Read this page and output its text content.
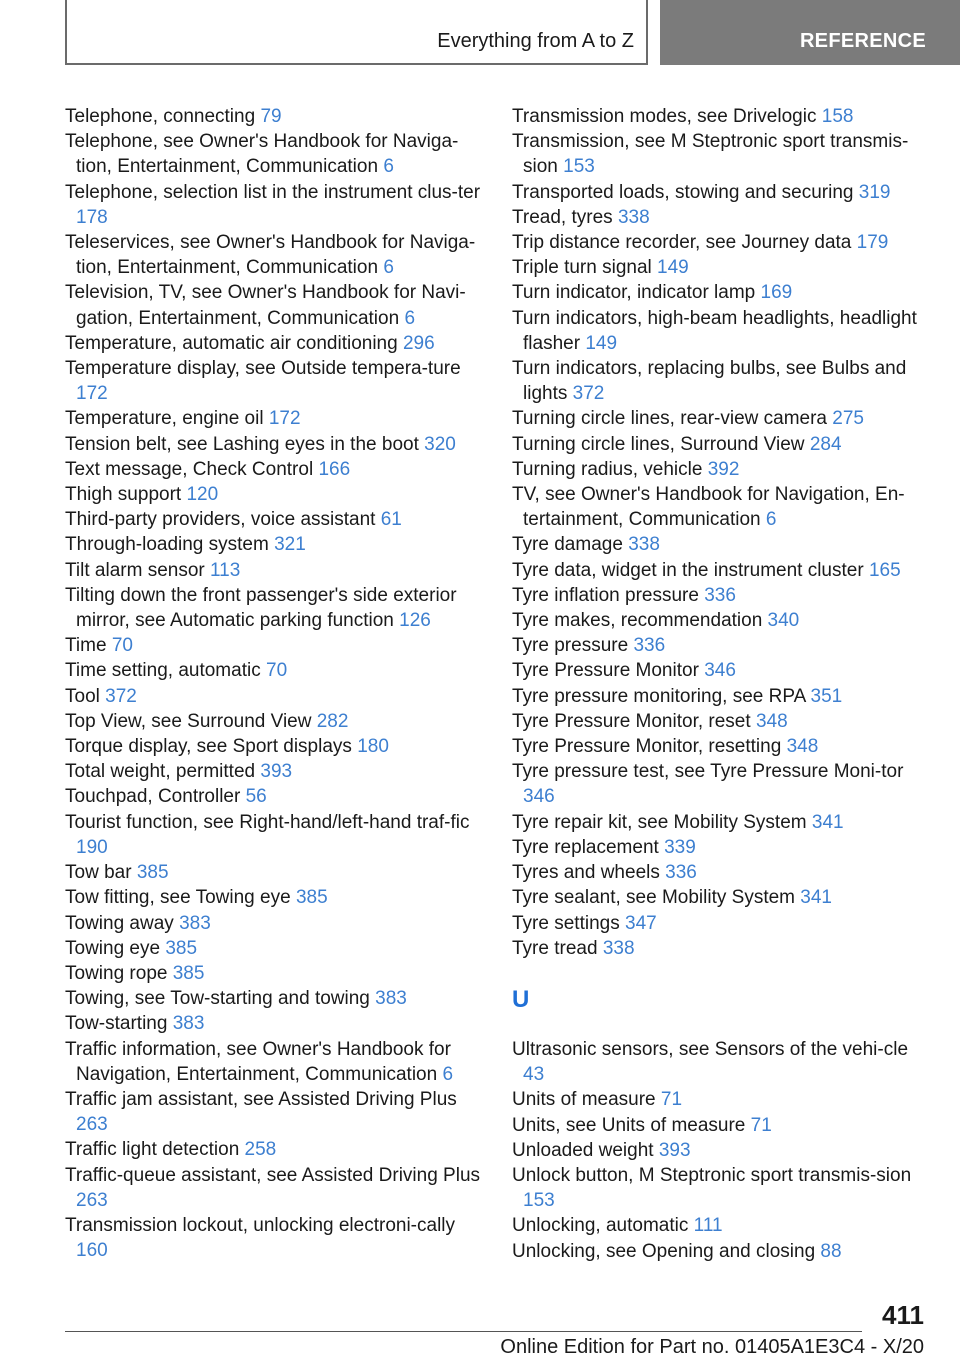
Everything from A to Z	REFERENCE
Telephone, connecting 79
Telephone, see Owner's Handbook for Naviga-tion, Entertainment, Communication 6
Telephone, selection list in the instrument clus-ter 178
Teleservices, see Owner's Handbook for Naviga-tion, Entertainment, Communication 6
Television, TV, see Owner's Handbook for Navi-gation, Entertainment, Communication 6
Temperature, automatic air conditioning 296
Temperature display, see Outside tempera-ture 172
Temperature, engine oil 172
Tension belt, see Lashing eyes in the boot 320
Text message, Check Control 166
Thigh support 120
Third-party providers, voice assistant 61
Through-loading system 321
Tilt alarm sensor 113
Tilting down the front passenger's side exterior mirror, see Automatic parking function 126
Time 70
Time setting, automatic 70
Tool 372
Top View, see Surround View 282
Torque display, see Sport displays 180
Total weight, permitted 393
Touchpad, Controller 56
Tourist function, see Right-hand/left-hand traf-fic 190
Tow bar 385
Tow fitting, see Towing eye 385
Towing away 383
Towing eye 385
Towing rope 385
Towing, see Tow-starting and towing 383
Tow-starting 383
Traffic information, see Owner's Handbook for Navigation, Entertainment, Communication 6
Traffic jam assistant, see Assisted Driving Plus 263
Traffic light detection 258
Traffic-queue assistant, see Assisted Driving Plus 263
Transmission lockout, unlocking electroni-cally 160
Transmission modes, see Drivelogic 158
Transmission, see M Steptronic sport transmis-sion 153
Transported loads, stowing and securing 319
Tread, tyres 338
Trip distance recorder, see Journey data 179
Triple turn signal 149
Turn indicator, indicator lamp 169
Turn indicators, high-beam headlights, headlight flasher 149
Turn indicators, replacing bulbs, see Bulbs and lights 372
Turning circle lines, rear-view camera 275
Turning circle lines, Surround View 284
Turning radius, vehicle 392
TV, see Owner's Handbook for Navigation, En-tertainment, Communication 6
Tyre damage 338
Tyre data, widget in the instrument cluster 165
Tyre inflation pressure 336
Tyre makes, recommendation 340
Tyre pressure 336
Tyre Pressure Monitor 346
Tyre pressure monitoring, see RPA 351
Tyre Pressure Monitor, reset 348
Tyre Pressure Monitor, resetting 348
Tyre pressure test, see Tyre Pressure Moni-tor 346
Tyre repair kit, see Mobility System 341
Tyre replacement 339
Tyres and wheels 336
Tyre sealant, see Mobility System 341
Tyre settings 347
Tyre tread 338
U
Ultrasonic sensors, see Sensors of the vehi-cle 43
Units of measure 71
Units, see Units of measure 71
Unloaded weight 393
Unlock button, M Steptronic sport transmis-sion 153
Unlocking, automatic 111
Unlocking, see Opening and closing 88
411
Online Edition for Part no. 01405A1E3C4 - X/20
